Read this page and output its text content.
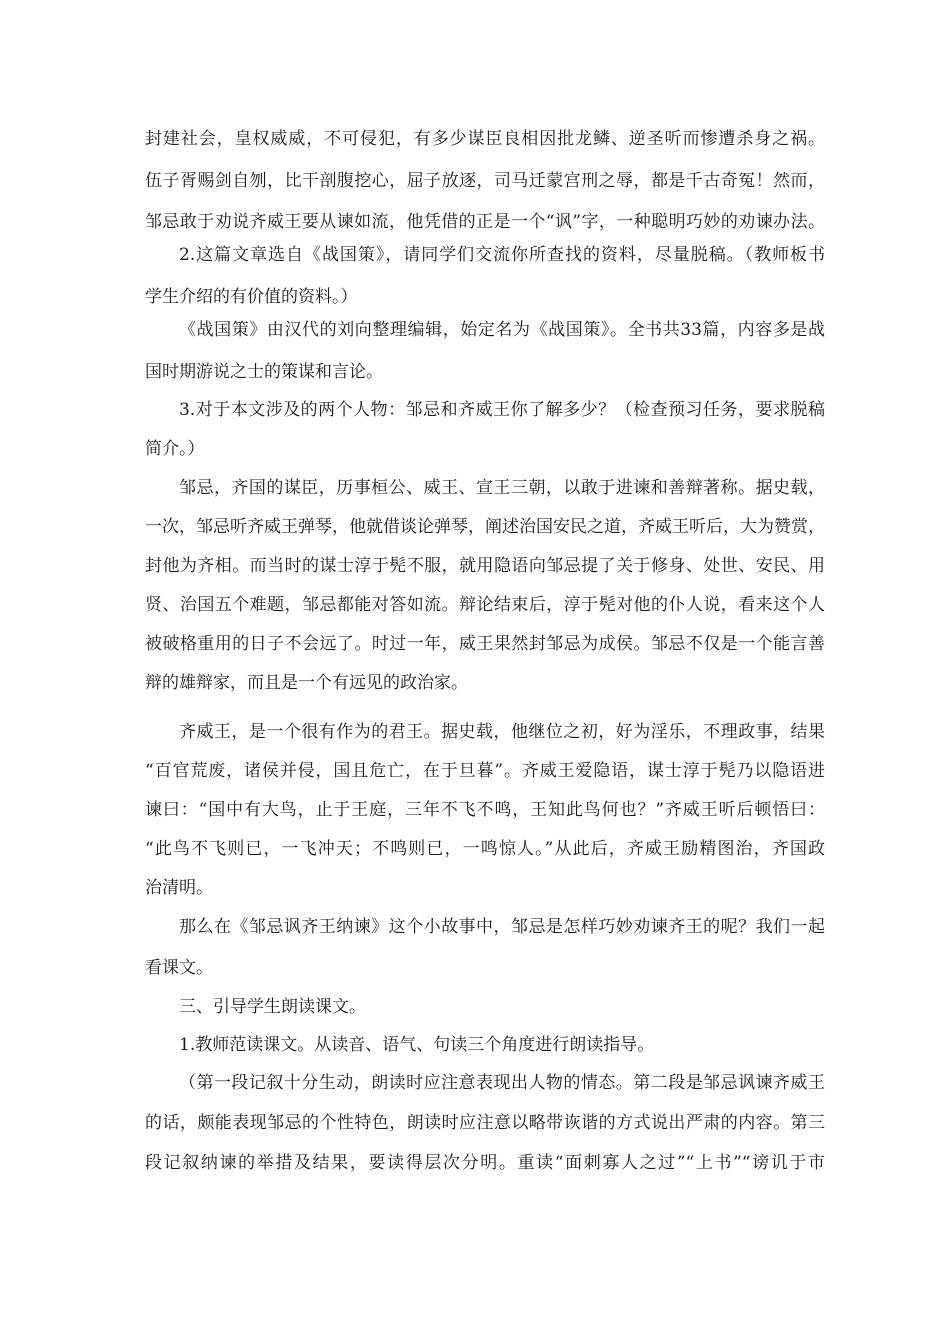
封建社会，皇权威威，不可侵犯，有多少谋臣良相因批龙鳞、逆圣听而惨遭杀身之祸。
伍子胥赐剑自刎，比干剖腹挖心，屈子放逐，司马迁蒙宫刑之辱，都是千古奇冤！然而，
邹忌敢于劝说齐威王要从谏如流，他凭借的正是一个“讽”字，一种聪明巧妙的劝谏办法。
2.这篇文章选自《战国策》，请同学们交流你所查找的资料，尽量脱稿。（教师板书
学生介绍的有价值的资料。）
《战国策》由汉代的刘向整理编辑，始定名为《战国策》。全书共33篇，内容多是战
国时期游说之士的策谋和言论。
3.对于本文涉及的两个人物：邹忌和齐威王你了解多少？（检查预习任务，要求脱稿
简介。）
邹忌，齐国的谋臣，历事桓公、威王、宣王三朝，以敢于进谏和善辩著称。据史载，
一次，邹忌听齐威王弹琴，他就借谈论弹琴，阐述治国安民之道，齐威王听后，大为赞赏，
封他为齐相。而当时的谋士淳于髡不服，就用隐语向邹忌提了关于修身、处世、安民、用
贤、治国五个难题，邹忌都能对答如流。辩论结束后，淳于髡对他的仆人说，看来这个人
被破格重用的日子不会远了。时过一年，威王果然封邹忌为成侯。邹忌不仅是一个能言善
辩的雄辩家，而且是一个有远见的政治家。
齐威王，是一个很有作为的君王。据史载，他继位之初，好为淫乐，不理政事，结果
“百官荒废，诸侯并侵，国且危亡，在于旦暮”。齐威王爱隐语，谋士淳于髡乃以隐语进
谏曰：“国中有大鸟，止于王庭，三年不飞不鸣，王知此鸟何也？”齐威王听后顿悟曰：
“此鸟不飞则已，一飞冲天；不鸣则已，一鸣惊人。”从此后，齐威王励精图治，齐国政
治清明。
那么在《邹忌讽齐王纳谏》这个小故事中，邹忌是怎样巧妙劝谏齐王的呢？我们一起
看课文。
三、引导学生朗读课文。
1.教师范读课文。从读音、语气、句读三个角度进行朗读指导。
（第一段记叙十分生动，朗读时应注意表现出人物的情态。第二段是邹忌讽谏齐威王
的话，颇能表现邹忌的个性特色，朗读时应注意以略带诙谐的方式说出严肃的内容。第三
段记叙纳谏的举措及结果，要读得层次分明。重读“面刺寡人之过”“上书”“谤讥于市
